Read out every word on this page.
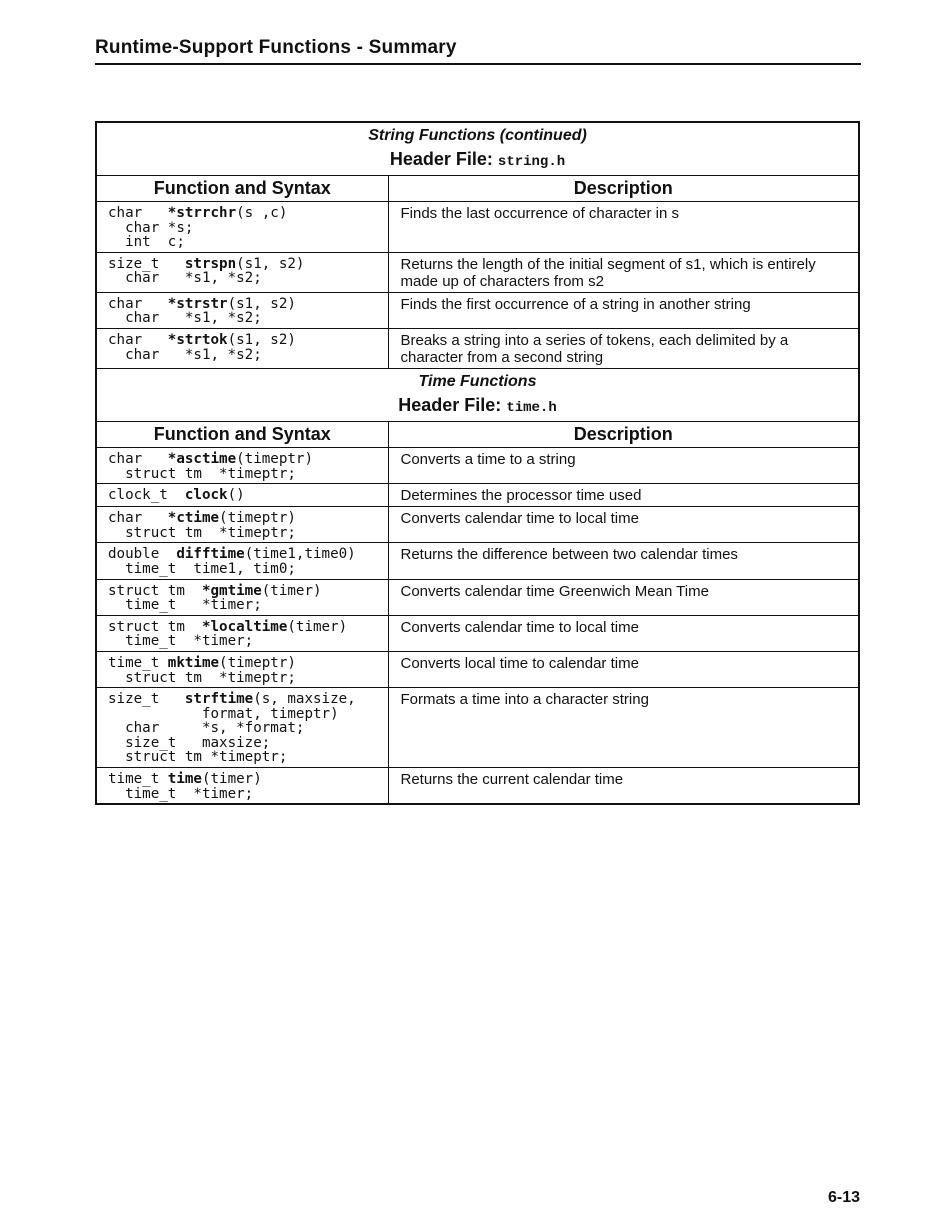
Runtime-Support Functions - Summary
String Functions (continued)
Header File: string.h	

Function and Syntax	Description
char   *strrchr(s ,c)
char *s;
int  c;	Finds the last occurrence of character in s
size_t   strspn(s1, s2)
char   *s1, *s2;	Returns the length of the initial segment of s1, which is entirely made up of characters from s2
char   *strstr(s1, s2)
char   *s1, *s2;	Finds the first occurrence of a string in another string
char   *strtok(s1, s2)
char   *s1, *s2;	Breaks a string into a series of tokens, each delimited by a character from a second string

Time Functions
Header File: time.h	

Function and Syntax	Description
char   *asctime(timeptr)
struct tm  *timeptr;	Converts a time to a string
clock_t  clock()	Determines the processor time used
char   *ctime(timeptr)
struct tm  *timeptr;	Converts calendar time to local time
double  difftime(time1,time0)
time_t  time1, tim0;	Returns the difference between two calendar times
struct tm  *gmtime(timer)
time_t   *timer;	Converts calendar time Greenwich Mean Time
struct tm  *localtime(timer)
time_t  *timer;	Converts calendar time to local time
time_t mktime(timeptr)
struct tm  *timeptr;	Converts local time to calendar time
size_t   strftime(s, maxsize,
format, timeptr)
char     *s, *format;
size_t   maxsize;
struct tm *timeptr;	Formats a time into a character string
time_t time(timer)
time_t  *timer;	Returns the current calendar time
6-13
